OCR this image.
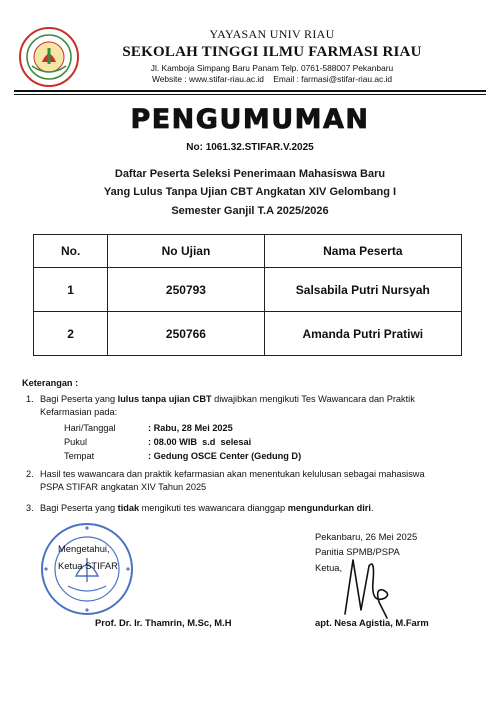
YAYASAN UNIV RIAU
SEKOLAH TINGGI ILMU FARMASI RIAU
Jl. Kamboja Simpang Baru Panam Telp. 0761-588007 Pekanbaru
Website : www.stifar-riau.ac.id    Email : farmasi@stifar-riau.ac.id
PENGUMUMAN
No: 1061.32.STIFAR.V.2025
Daftar Peserta Seleksi Penerimaan Mahasiswa Baru
Yang Lulus Tanpa Ujian CBT Angkatan XIV Gelombang I
Semester Ganjil T.A 2025/2026
No.	No Ujian	Nama Peserta
1	250793	Salsabila Putri Nursyah
2	250766	Amanda Putri Pratiwi
Keterangan :
1. Bagi Peserta yang lulus tanpa ujian CBT diwajibkan mengikuti Tes Wawancara dan Praktik
Kefarmasian pada:
Hari/Tanggal	: Rabu, 28 Mei 2025
Pukul	: 08.00 WIB  s.d  selesai
Tempat	: Gedung OSCE Center (Gedung D)
2. Hasil tes wawancara dan praktik kefarmasian akan menentukan kelulusan sebagai mahasiswa
PSPA STIFAR angkatan XIV Tahun 2025
3. Bagi Peserta yang tidak mengikuti tes wawancara dianggap mengundurkan diri.
Mengetahui,
Ketua STIFAR
Prof. Dr. Ir. Thamrin, M.Sc, M.H
Pekanbaru, 26 Mei 2025
Panitia SPMB/PSPA
Ketua,
apt. Nesa Agistia, M.Farm
